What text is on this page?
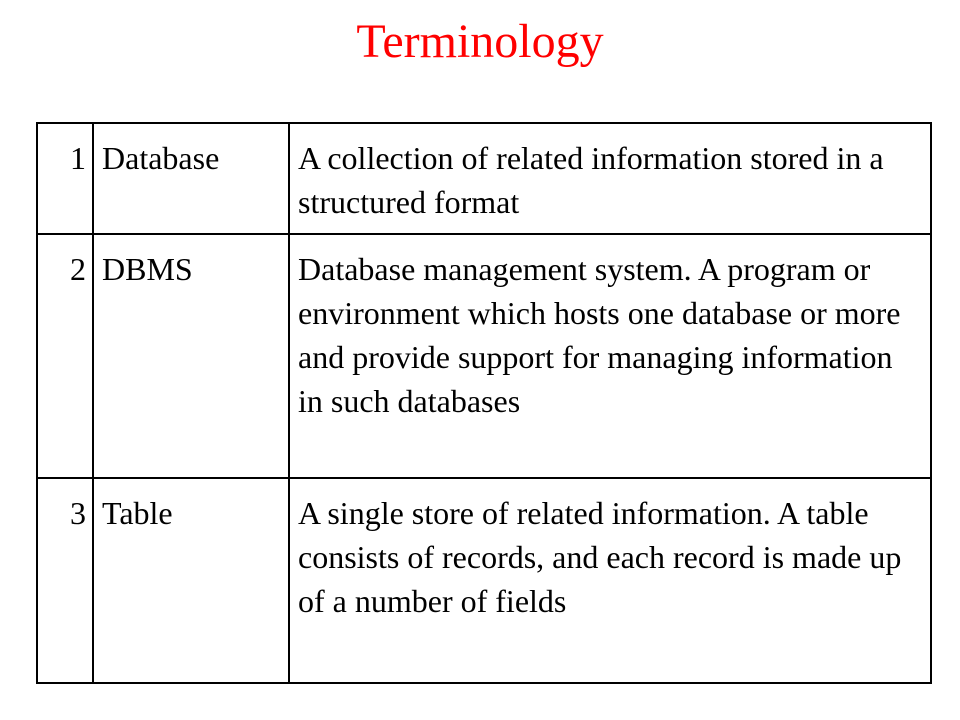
Terminology
1	Database	A collection of related information stored in a structured format
2	DBMS	Database management system. A program or environment which hosts one database or more and provide support for managing information in such databases
3	Table	A single store of related information. A table consists of records, and each record is made up of a number of fields
